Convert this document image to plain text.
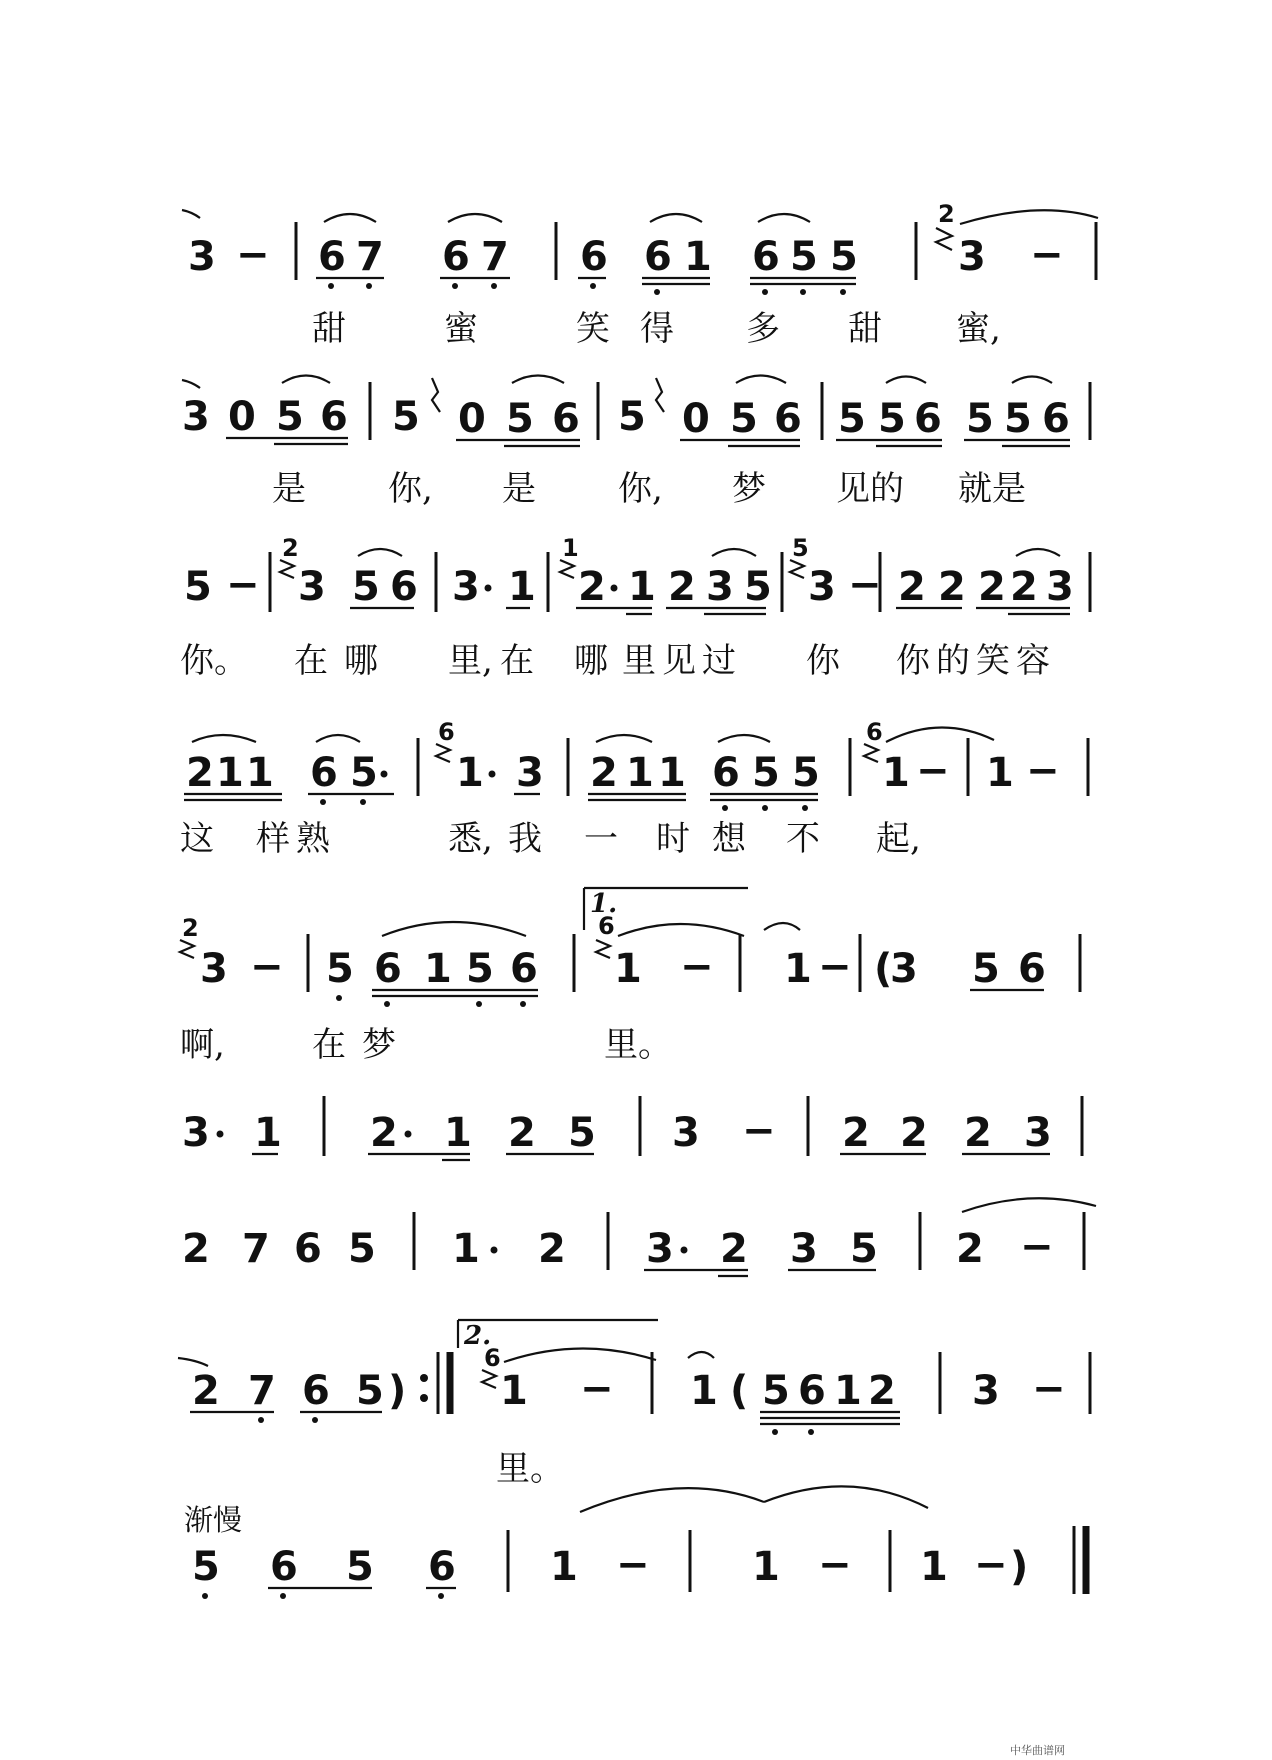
3 − 6 7 6 7 6 6 1 6 5 5
2
3 −
甜	蜜	笑 得 多 甜 蜜,
3 0 5 6 5 0 5 6 5 0 5 6 5 5 6 5 5 6
是 你, 是 你, 梦 见的 就是
5 −
2
3 5 6 3 1
1
2 1 2 3 5
5
3 − 2 2 2 2 3
你。 在 哪 里, 在 哪 里 见 过 你 你 的 笑 容
2 1 1 6 5
6
1 3 2 1 1 6 5 5
6
1 − 1 −
这 样 熟	悉, 我 一 时 想 不 起,
2
3 − 5 6 1 5 6
1.
6
1 − 1 − (
3 5 6
啊,	在 梦	里。
3 1 2 1 2 5 3 − 2 2 2 3
2 7 6 5 1 2 3 2 3 5 2 −
2 7 6 5 )
2.
6
1 − 1 ( 5 6 1 2 3 −
里。
渐慢
5 6 5 6 1 −	1 − 1 − )
中华曲谱网
